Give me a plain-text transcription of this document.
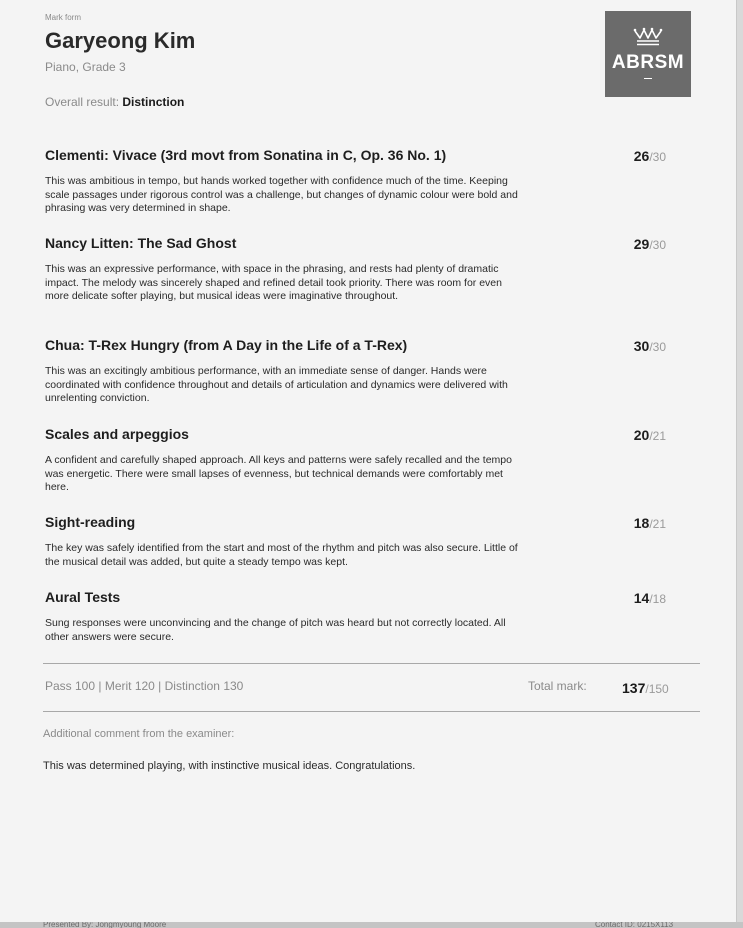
Mark form
Garyeong Kim
Piano, Grade 3
Overall result: Distinction
ABRSM
Clementi: Vivace (3rd movt from Sonatina in C, Op. 36 No. 1)	26/30
This was ambitious in tempo, but hands worked together with confidence much of the time. Keeping scale passages under rigorous control was a challenge, but changes of dynamic colour were bold and phrasing was very determined in shape.
Nancy Litten: The Sad Ghost	29/30
This was an expressive performance, with space in the phrasing, and rests had plenty of dramatic impact. The melody was sincerely shaped and refined detail took priority. There was room for even more delicate softer playing, but musical ideas were imaginative throughout.
Chua: T-Rex Hungry (from A Day in the Life of a T-Rex)	30/30
This was an excitingly ambitious performance, with an immediate sense of danger. Hands were coordinated with confidence throughout and details of articulation and dynamics were delivered with unrelenting conviction.
Scales and arpeggios	20/21
A confident and carefully shaped approach. All keys and patterns were safely recalled and the tempo was energetic. There were small lapses of evenness, but technical demands were comfortably met here.
Sight-reading	18/21
The key was safely identified from the start and most of the rhythm and pitch was also secure. Little of the musical detail was added, but quite a steady tempo was kept.
Aural Tests	14/18
Sung responses were unconvincing and the change of pitch was heard but not correctly located. All other answers were secure.
Pass 100 | Merit 120 | Distinction 130	Total mark:	137/150
Additional comment from the examiner:
This was determined playing, with instinctive musical ideas. Congratulations.
Presented By: Jongmyoung Moore	Contact ID: 0215X113
